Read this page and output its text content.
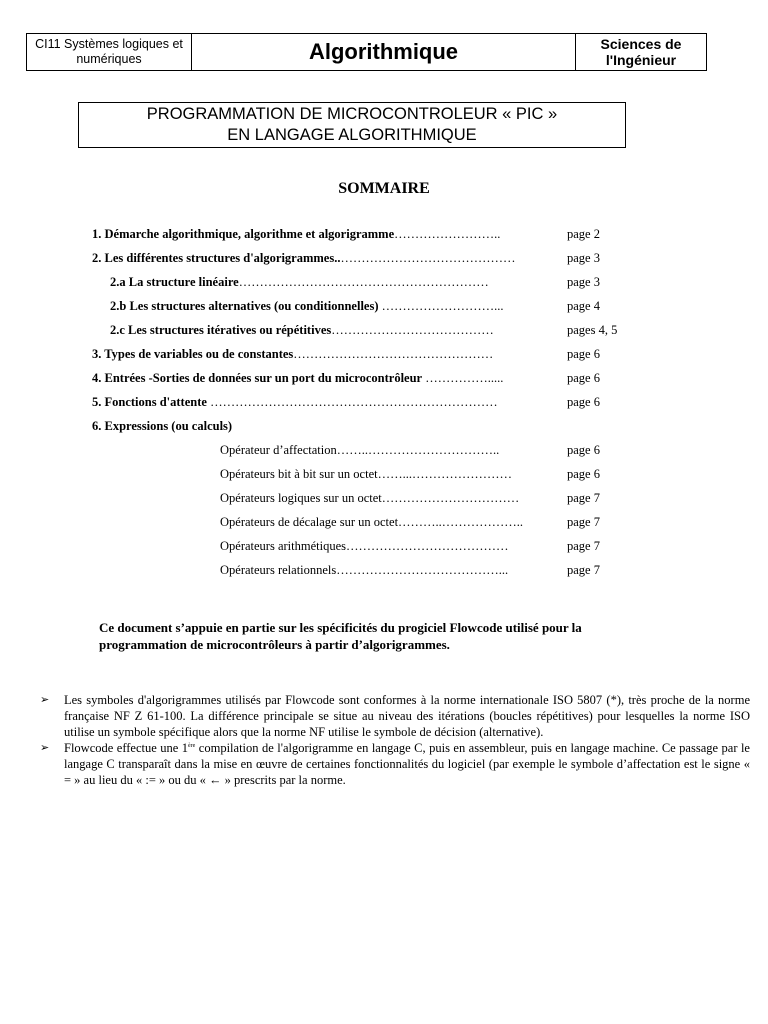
CI11 Systèmes logiques et numériques	Algorithmique	Sciences de
l'Ingénieur
PROGRAMMATION DE MICROCONTROLEUR « PIC »
EN LANGAGE ALGORITHMIQUE
SOMMAIRE
1. Démarche algorithmique, algorithme et algorigramme……………………..	page 2
2. Les différentes structures d'algorigrammes..……………………………………	page 3
2.a La structure linéaire……………………………………………………	page 3
2.b Les structures alternatives (ou conditionnelles) ………………………...	page 4
2.c Les structures itératives ou répétitives…………………………………	pages 4, 5
3. Types de variables ou de constantes…………………………………………	page 6
4. Entrées -Sorties de données sur un port du microcontrôleur …………….....	page 6
5. Fonctions d'attente ……………………………………………………………	page 6
6. Expressions (ou calculs)
Opérateur d’affectation……..…………………………..	page 6
Opérateurs bit à bit sur un octet……...……………………	page 6
Opérateurs logiques sur un octet……………………………	page 7
Opérateurs de décalage sur un octet………..………………..	page 7
Opérateurs arithmétiques…………………………………	page 7
Opérateurs relationnels…………………………………...	page 7
Ce document s’appuie en partie sur les spécificités du progiciel Flowcode utilisé pour la
programmation de microcontrôleurs à partir d’algorigrammes.
➢	Les symboles d'algorigrammes utilisés par Flowcode sont conformes à la norme internationale ISO 5807 (*), très proche de la norme française NF Z 61-100. La différence principale se situe au niveau des itérations (boucles répétitives) pour lesquelles la norme ISO utilise un symbole spécifique alors que la norme NF utilise le symbole de décision (alternative).
➢	Flowcode effectue une 1ère compilation de l'algorigramme en langage C, puis en assembleur, puis en langage machine. Ce passage par le langage C transparaît dans la mise en œuvre de certaines fonctionnalités du logiciel (par exemple le symbole d’affectation est le signe « = » au lieu du « := » ou du « ← » prescrits par la norme.
